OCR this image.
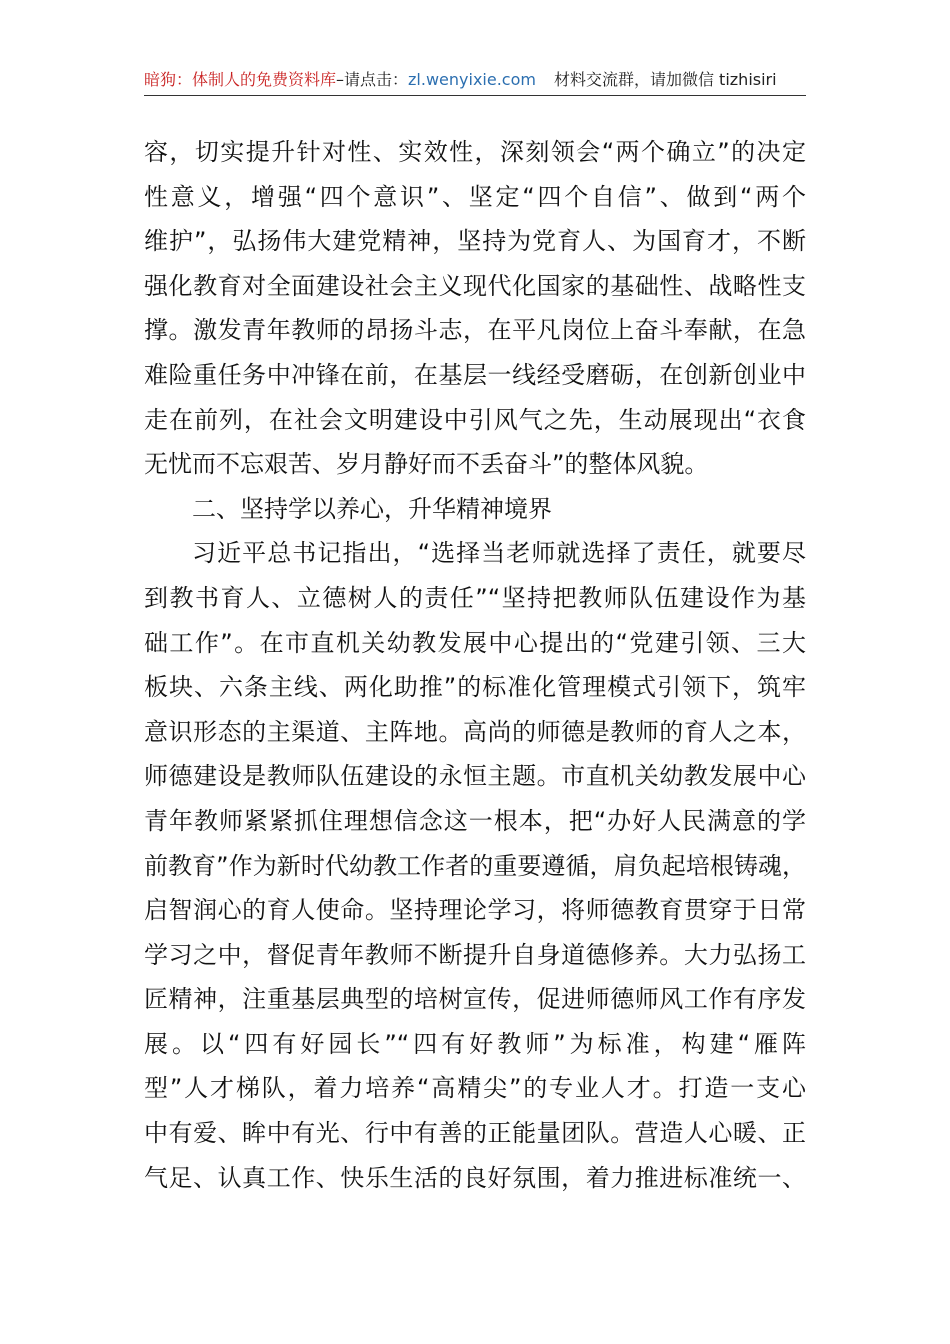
暗狗：体制人的免费资料库–请点击：zl.wenyixie.com 材料交流群，请加微信 tizhisiri
容，切实提升针对性、实效性，深刻领会“两个确立”的决定
性意义，增强“四个意识”、坚定“四个自信”、做到“两个
维护”，弘扬伟大建党精神，坚持为党育人、为国育才，不断
强化教育对全面建设社会主义现代化国家的基础性、战略性支
撑。激发青年教师的昂扬斗志，在平凡岗位上奋斗奉献，在急
难险重任务中冲锋在前，在基层一线经受磨砺，在创新创业中
走在前列，在社会文明建设中引风气之先，生动展现出“衣食
无忧而不忘艰苦、岁月静好而不丢奋斗”的整体风貌。
二、坚持学以养心，升华精神境界
习近平总书记指出，“选择当老师就选择了责任，就要尽
到教书育人、立德树人的责任”“坚持把教师队伍建设作为基
础工作”。在市直机关幼教发展中心提出的“党建引领、三大
板块、六条主线、两化助推”的标准化管理模式引领下，筑牢
意识形态的主渠道、主阵地。高尚的师德是教师的育人之本，
师德建设是教师队伍建设的永恒主题。市直机关幼教发展中心
青年教师紧紧抓住理想信念这一根本，把“办好人民满意的学
前教育”作为新时代幼教工作者的重要遵循，肩负起培根铸魂，
启智润心的育人使命。坚持理论学习，将师德教育贯穿于日常
学习之中，督促青年教师不断提升自身道德修养。大力弘扬工
匠精神，注重基层典型的培树宣传，促进师德师风工作有序发
展。以“四有好园长”“四有好教师”为标准，构建“雁阵
型”人才梯队，着力培养“高精尖”的专业人才。打造一支心
中有爱、眸中有光、行中有善的正能量团队。营造人心暖、正
气足、认真工作、快乐生活的良好氛围，着力推进标准统一、
